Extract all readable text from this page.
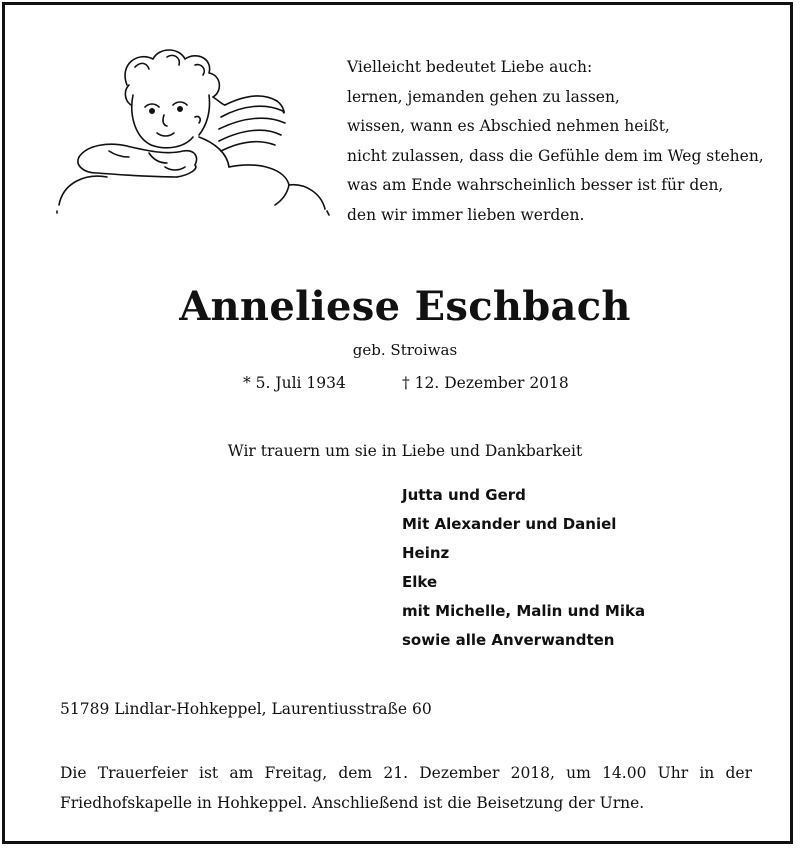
Vielleicht bedeutet Liebe auch:
lernen, jemanden gehen zu lassen,
wissen, wann es Abschied nehmen heißt,
nicht zulassen, dass die Gefühle dem im Weg stehen,
was am Ende wahrscheinlich besser ist für den,
den wir immer lieben werden.
Anneliese Eschbach
geb. Stroiwas
* 5. Juli 1934	† 12. Dezember 2018
Wir trauern um sie in Liebe und Dankbarkeit
Jutta und Gerd
Mit Alexander und Daniel
Heinz
Elke
mit Michelle, Malin und Mika
sowie alle Anverwandten
51789 Lindlar-Hohkeppel, Laurentiusstraße 60
Die Trauerfeier ist am Freitag, dem 21. Dezember 2018, um 14.00 Uhr in der Friedhofskapelle in Hohkeppel. Anschließend ist die Beisetzung der Urne.
